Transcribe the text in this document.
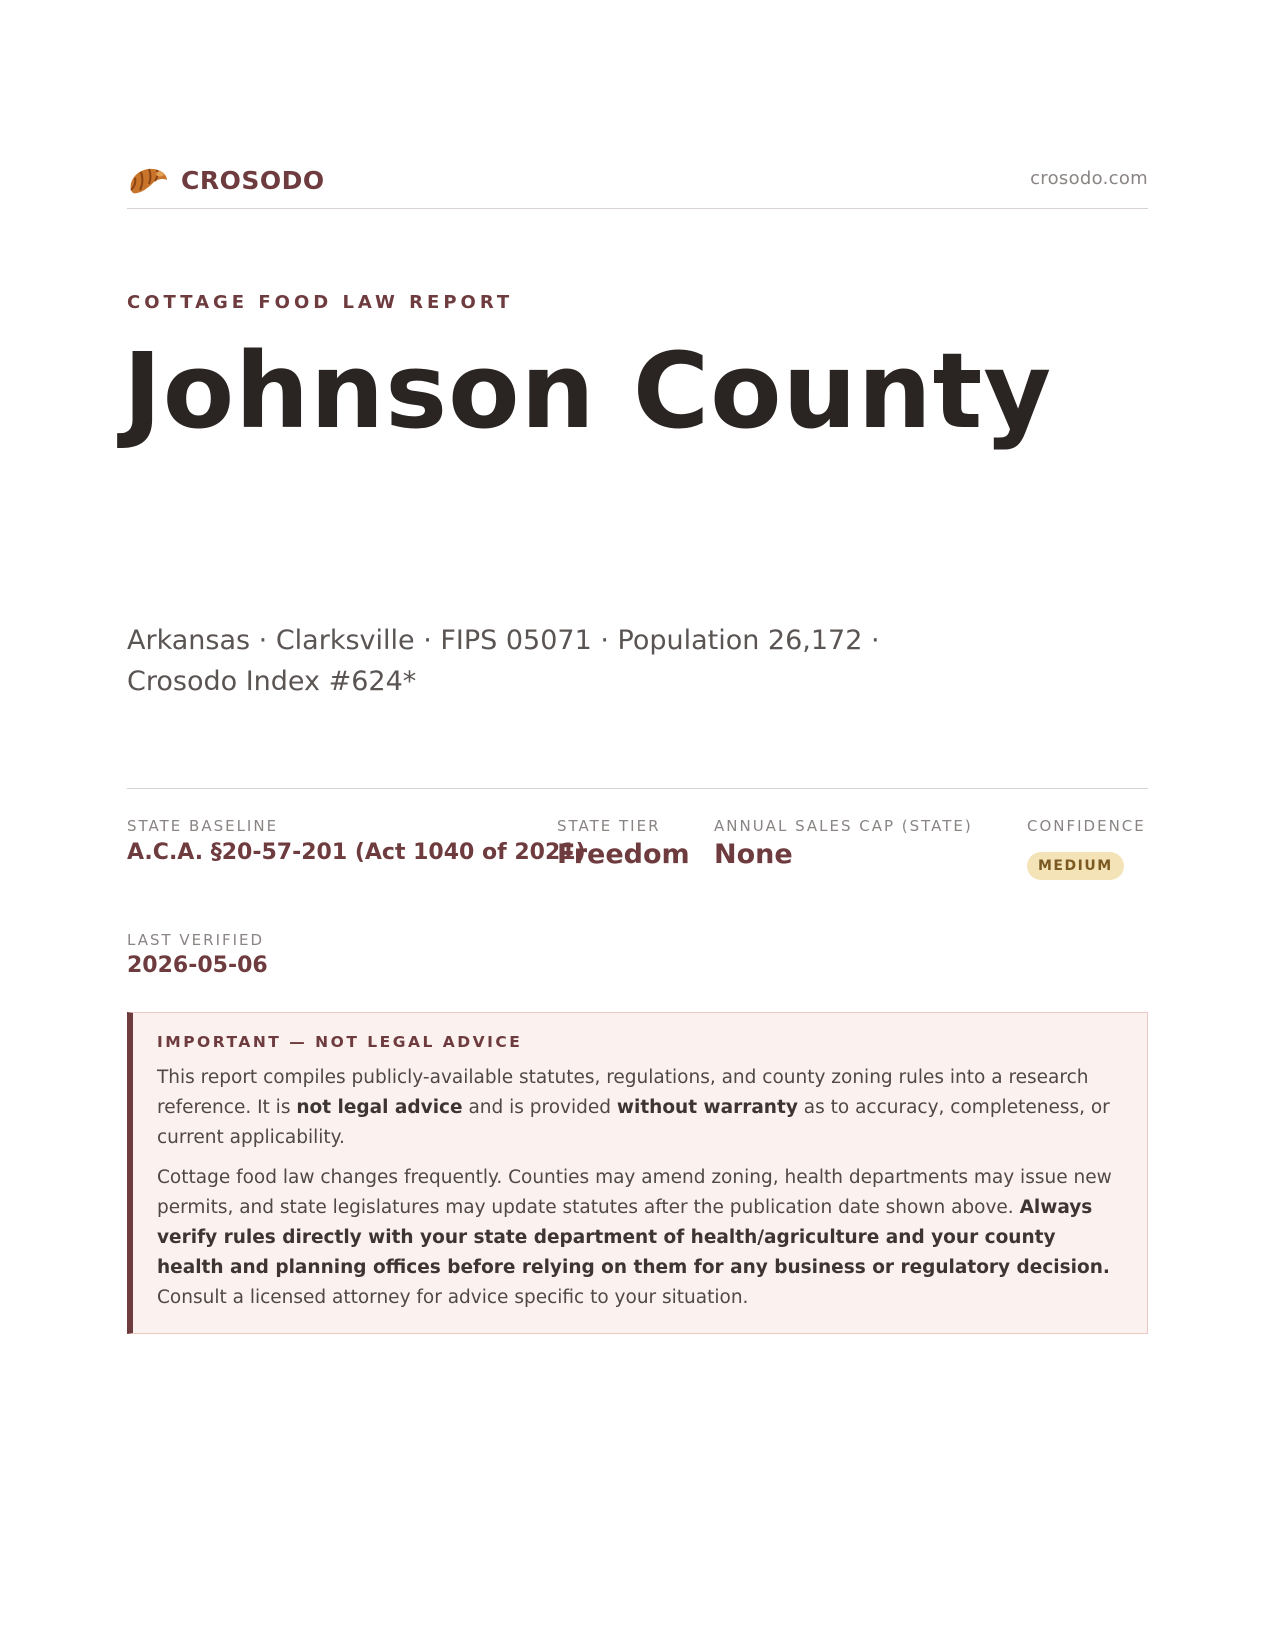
CROSODO	crosodo.com
COTTAGE FOOD LAW REPORT
Johnson County
Arkansas · Clarksville · FIPS 05071 · Population 26,172 ·
Crosodo Index #624*
STATE BASELINE
A.C.A. §20-57-201 (Act 1040 of 2021)
STATE TIER
Freedom
ANNUAL SALES CAP (STATE)
None
CONFIDENCE
MEDIUM
LAST VERIFIED
2026-05-06
IMPORTANT — NOT LEGAL ADVICE

This report compiles publicly-available statutes, regulations, and county zoning rules into a research reference. It is not legal advice and is provided without warranty as to accuracy, completeness, or current applicability.

Cottage food law changes frequently. Counties may amend zoning, health departments may issue new permits, and state legislatures may update statutes after the publication date shown above. Always verify rules directly with your state department of health/agriculture and your county health and planning offices before relying on them for any business or regulatory decision. Consult a licensed attorney for advice specific to your situation.
